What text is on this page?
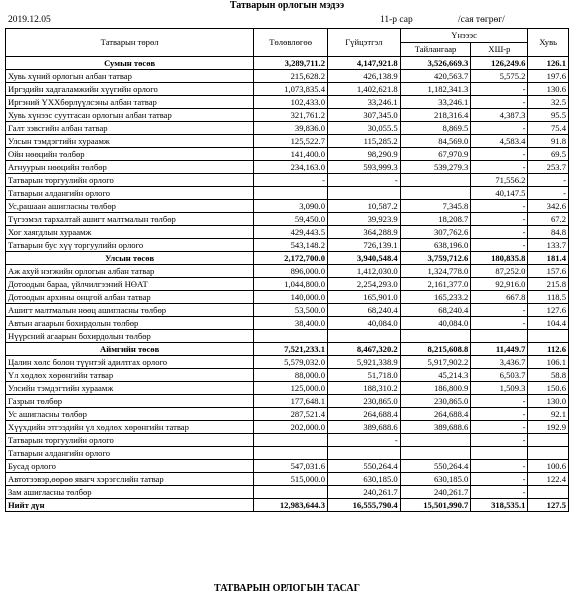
Татварын орлогын мэдээ
2019.12.05	11-р сар	/сая төгрөг/
Татварын төрөл	Төлөвлөгөө	Гүйцэтгэл	Үнэээс		Хувь
			Тайлангаар	ХШ-р	
Сумын төсөв	3,289,711.2	4,147,921.8	3,526,669.3	126,249.6	126.1
Хувь хүний орлогын албан татвар	215,628.2	426,138.9	420,563.7	5,575.2	197.6
Иргэдийн хадгаламжийн хүүгийн орлого	1,073,835.4	1,402,621.8	1,182,341.3	-	130.6
Иргэний ҮХХбөрлүүлсэны албан татвар	102,433.0	33,246.1	33,246.1	-	32.5
Хувь хүнээс суутгасан орлогын албан татвар	321,761.2	307,345.0	218,316.4	4,387.3	95.5
Галт зэвсгийн албан татвар	39,836.0	30,055.5	8,869.5	-	75.4
Улсын тэмдэгтийн хураамж	125,522.7	115,285.2	84,569.0	4,583.4	91.8
Ойн нөөцийн төлбөр	141,400.0	98,290.9	67,970.9	-	69.5
Агнуурын нөөцийн төлбөр	234,163.0	593,999.3	539,279.3	-	253.7
Татварын торгуулийн орлого	-	-		71,556.2	-
Татварын алдангийн орлого				40,147.5	-
Ус,рашаан ашигласны төлбөр	3,090.0	10,587.2	7,345.8	-	342.6
Түгээмэл тархалтай ашигт малтмалын төлбөр	59,450.0	39,923.9	18,208.7	-	67.2
Хог хаягдлын хураамж	429,443.5	364,288.9	307,762.6	-	84.8
Татварын бус хүү торгуулийн орлого	543,148.2	726,139.1	638,196.0	-	133.7
Улсын төсөв	2,172,700.0	3,940,548.4	3,759,712.6	180,835.8	181.4
Аж ахуй нэгжийн орлогын албан татвар	896,000.0	1,412,030.0	1,324,778.0	87,252.0	157.6
Дотоодын бараа, үйлчилгээний НӨАТ	1,044,800.0	2,254,293.0	2,161,377.0	92,916.0	215.8
Дотоодын архины онцгой албан татвар	140,000.0	165,901.0	165,233.2	667.8	118.5
Ашигт малтмалын нөөц ашигласны төлбөр	53,500.0	68,240.4	68,240.4	-	127.6
Автын агаарын бохирдолын төлбөр	38,400.0	40,084.0	40,084.0	-	104.4
Нүүрсний агаарын бохирдолын төлбөр					
Аймгийн төсөв	7,521,233.1	8,467,320.2	8,215,608.8	11,449.7	112.6
Цалин хөлс болон түүнтэй адилтгах орлого	5,579,032.0	5,921,338.9	5,917,902.2	3,436.7	106.1
Үл хөдлөх хөрөнгийн татвар	88,000.0	51,718.0	45,214.3	6,503.7	58.8
Улсийн тэмдэгтийн хураамж	125,000.0	188,310.2	186,800.9	1,509.3	150.6
Газрын төлбөр	177,648.1	230,865.0	230,865.0	-	130.0
Ус ашигласны төлбөр	287,521.4	264,688.4	264,688.4	-	92.1
Хүүхдийн этгээдийн үл хөдлөх хөрөнгийн татвар	202,000.0	389,688.6	389,688.6	-	192.9
Татварын торгуулийн орлого		-		-	
Татварын алдангийн орлого					
Бусад орлого	547,031.6	550,264.4	550,264.4	-	100.6
Автотээвэр,өөрөө явагч хэрэгслийн татвар	515,000.0	630,185.0	630,185.0	-	122.4
Зам ашигласны төлбөр		240,261.7	240,261.7	-	
Нийт дүн	12,983,644.3	16,555,790.4	15,501,990.7	318,535.1	127.5
ТАТВАРЫН ОРЛОГЫН ТАСАГ
